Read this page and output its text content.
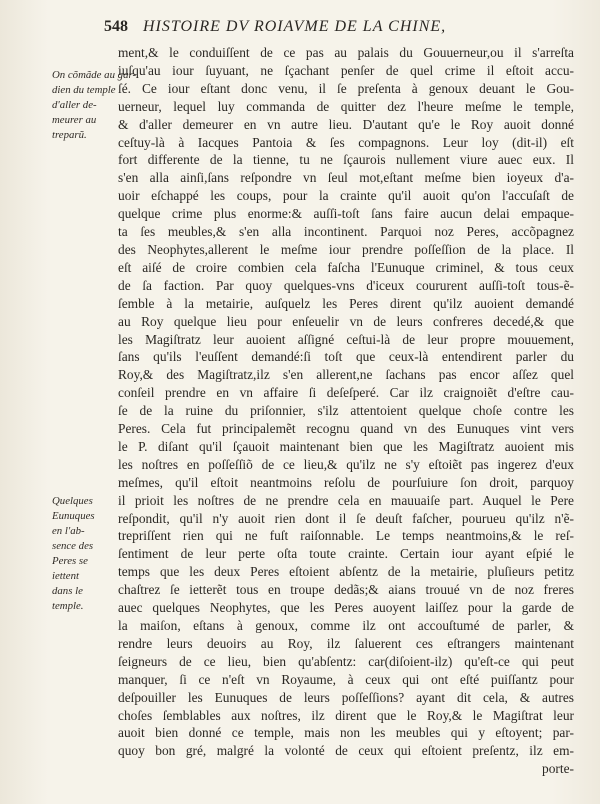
548 HISTOIRE DV ROIAVME DE LA CHINE,
On cõmãde au gar-
dien du temple
d'aller de-
meurer au
treparũ.
Quelques
Eunuques
en l'ab-
sence des
Peres se
iettent
dans le
temple.
ment,& le conduiſſent de ce pas au palais du Gouuerneur,ou il s'arreſta
iuſqu'au iour ſuyuant, ne ſçachant penſer de quel crime il eſtoit accu-
ſé. Ce iour eſtant donc venu, il ſe preſenta à genoux deuant le Gou-
uerneur, lequel luy commanda de quitter dez l'heure meſme le temple,
& d'aller demeurer en vn autre lieu. D'autant qu'e le Roy auoit donné
ceſtuy-là à Iacques Pantoia & ſes compagnons. Leur loy (dit-il) eſt
fort differente de la tienne, tu ne ſçaurois nullement viure auec eux. Il
s'en alla ainſi,ſans reſpondre vn ſeul mot,eſtant meſme bien ioyeux d'a-
uoir eſchappé les coups, pour la crainte qu'il auoit qu'on l'accuſaſt de
quelque crime plus enorme:& auſſi-toſt ſans faire aucun delai empaque-
ta ſes meubles,& s'en alla incontinent. Parquoi noz Peres, accõpagnez
des Neophytes,allerent le meſme iour prendre poſſeſſion de la place. Il
eſt aiſé de croire combien cela faſcha l'Eunuque criminel, & tous ceux
de ſa faction. Par quoy quelques-vns d'iceux coururent auſſi-toſt tous-ẽ-
ſemble à la metairie, auſquelz les Peres dirent qu'ilz auoient demandé
au Roy quelque lieu pour enſeuelir vn de leurs confreres decedé,& que
les Magiſtratz leur auoient aſſigné ceſtui-là de leur propre mouuement,
ſans qu'ils l'euſſent demandé:ſi toſt que ceux-là entendirent parler du
Roy,& des Magiſtratz,ilz s'en allerent,ne ſachans pas encor aſſez quel
conſeil prendre en vn affaire ſi deſeſperé. Car ilz craignoiẽt d'eſtre cau-
ſe de la ruine du priſonnier, s'ilz attentoient quelque choſe contre les
Peres. Cela fut principalemẽt recognu quand vn des Eunuques vint vers
le P. diſant qu'il ſçauoit maintenant bien que les Magiſtratz auoient mis
les noſtres en poſſeſſiõ de ce lieu,& qu'ilz ne s'y eſtoiẽt pas ingerez d'eux
meſmes, qu'il eſtoit neantmoins reſolu de pourſuiure ſon droit, parquoy
il prioit les noſtres de ne prendre cela en mauuaiſe part. Auquel le Pere
reſpondit, qu'il n'y auoit rien dont il ſe deuſt faſcher, pourueu qu'ilz n'ẽ-
trepriſſent rien qui ne fuſt raiſonnable. Le temps neantmoins,& le reſ-
ſentiment de leur perte oſta toute crainte. Certain iour ayant eſpié le
temps que les deux Peres eſtoient abſentz de la metairie, pluſieurs petitz
chaſtrez ſe ietterẽt tous en troupe dedãs;& aians trouué vn de noz freres
auec quelques Neophytes, que les Peres auoyent laiſſez pour la garde de
la maiſon, eſtans à genoux, comme ilz ont accouſtumé de parler, &
rendre leurs deuoirs au Roy, ilz ſaluerent ces eſtrangers maintenant
ſeigneurs de ce lieu, bien qu'abſentz: car(diſoient-ilz) qu'eſt-ce qui peut
manquer, ſi ce n'eſt vn Royaume, à ceux qui ont eſté puiſſantz pour
deſpouiller les Eunuques de leurs poſſeſſions? ayant dit cela, & autres
choſes ſemblables aux noſtres, ilz dirent que le Roy,& le Magiſtrat leur
auoit bien donné ce temple, mais non les meubles qui y eſtoyent; par-
quoy bon gré, malgré la volonté de ceux qui eſtoient preſentz, ilz em-
porte-
